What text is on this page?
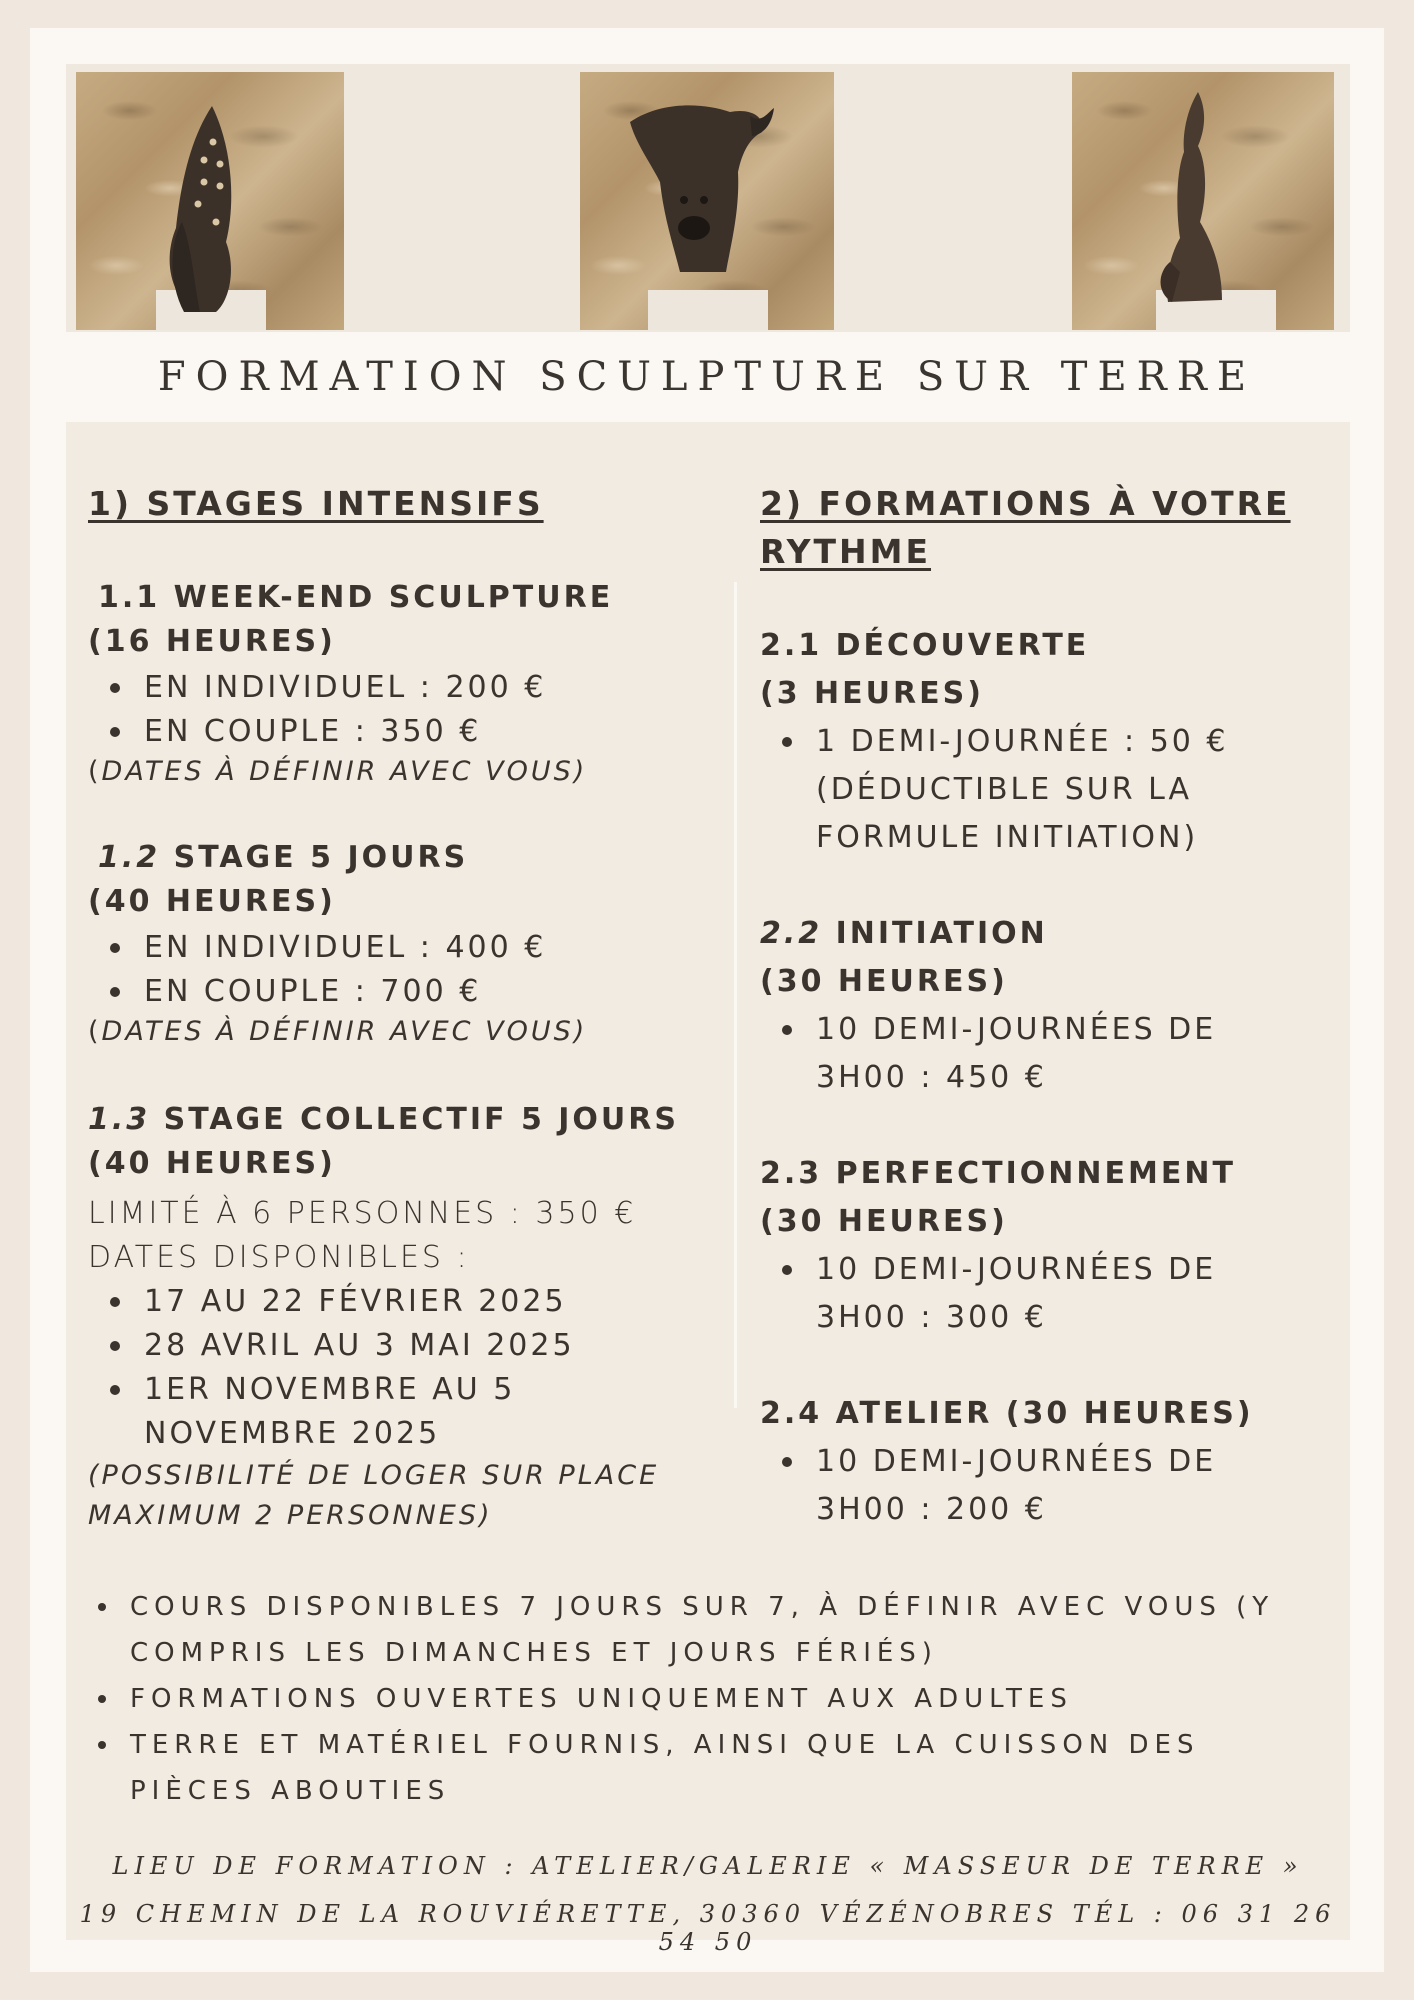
FORMATION SCULPTURE SUR TERRE
1) STAGES INTENSIFS
1.1 WEEK-END SCULPTURE
(16 HEURES)
EN INDIVIDUEL : 200 €
EN COUPLE : 350 €
(DATES À DÉFINIR AVEC VOUS)
1.2 STAGE 5 JOURS
(40 HEURES)
EN INDIVIDUEL : 400 €
EN COUPLE : 700 €
(DATES À DÉFINIR AVEC VOUS)
1.3 STAGE COLLECTIF 5 JOURS
(40 HEURES)
LIMITÉ À 6 PERSONNES : 350 €
DATES DISPONIBLES :
17 AU 22 FÉVRIER 2025
28 AVRIL AU 3 MAI 2025
1ER NOVEMBRE AU 5
NOVEMBRE 2025
(POSSIBILITÉ DE LOGER SUR PLACE
MAXIMUM 2 PERSONNES)
2) FORMATIONS À VOTRE
RYTHME
2.1 DÉCOUVERTE
(3 HEURES)
1 DEMI-JOURNÉE : 50 €
(DÉDUCTIBLE SUR LA
FORMULE INITIATION)
2.2 INITIATION
(30 HEURES)
10 DEMI-JOURNÉES DE
3H00 : 450 €
2.3 PERFECTIONNEMENT
(30 HEURES)
10 DEMI-JOURNÉES DE
3H00 : 300 €
2.4 ATELIER (30 HEURES)
10 DEMI-JOURNÉES DE
3H00 : 200 €
COURS DISPONIBLES 7 JOURS SUR 7, À DÉFINIR AVEC VOUS (Y
COMPRIS LES DIMANCHES ET JOURS FÉRIÉS)
FORMATIONS OUVERTES UNIQUEMENT AUX ADULTES
TERRE ET MATÉRIEL FOURNIS, AINSI QUE LA CUISSON DES
PIÈCES ABOUTIES
LIEU DE FORMATION : ATELIER/GALERIE « MASSEUR DE TERRE »
19 CHEMIN DE LA ROUVIÉRETTE, 30360 VÉZÉNOBRES TÉL : 06 31 26 54 50
